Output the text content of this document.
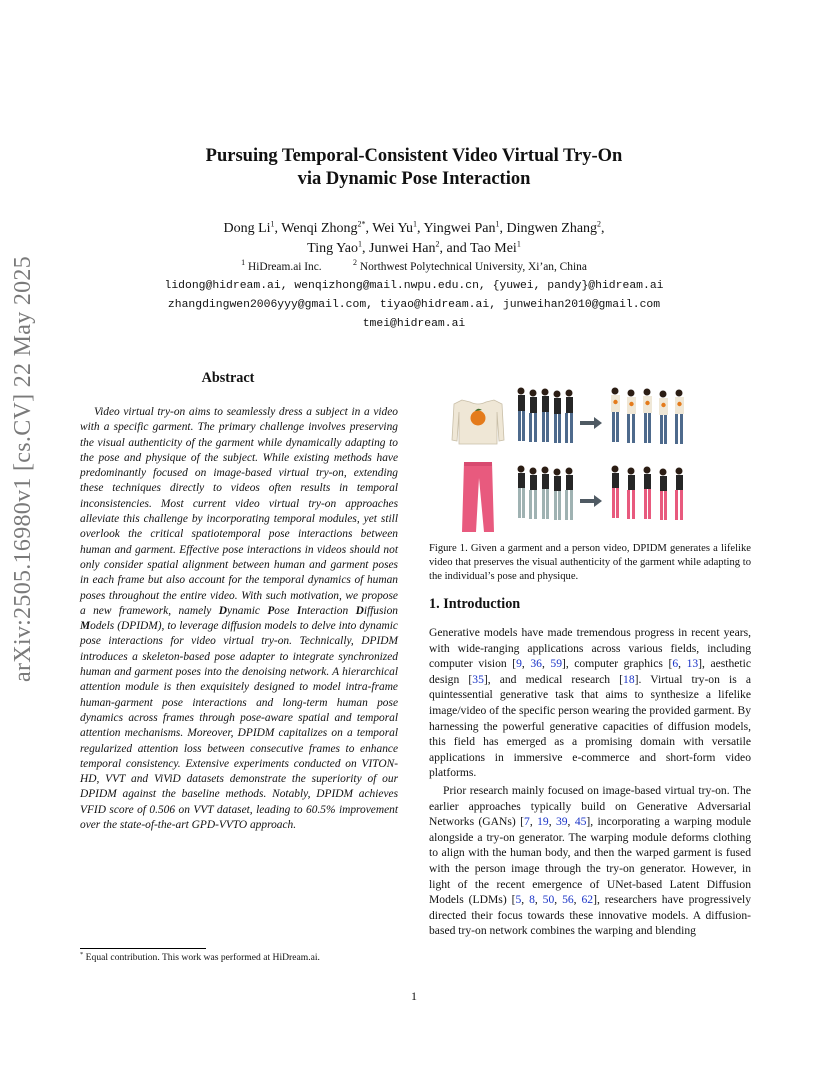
arXiv:2505.16980v1 [cs.CV] 22 May 2025
Pursuing Temporal-Consistent Video Virtual Try-On
via Dynamic Pose Interaction
Dong Li$^1$, Wenqi Zhong$^{2*}$, Wei Yu$^1$, Yingwei Pan$^1$, Dingwen Zhang$^2$,
Ting Yao$^1$, Junwei Han$^2$, and Tao Mei$^1$
$^1$ HiDream.ai Inc.	$^2$ Northwest Polytechnical University, Xi’an, China
lidong@hidream.ai, wenqizhong@mail.nwpu.edu.cn, {yuwei, pandy}@hidream.ai
zhangdingwen2006yyy@gmail.com, tiyao@hidream.ai, junweihan2010@gmail.com
tmei@hidream.ai
Abstract

Video virtual try-on aims to seamlessly dress a subject in a video with a specific garment. The primary challenge involves preserving the visual authenticity of the garment while dynamically adapting to the pose and physique of the subject. While existing methods have predominantly focused on image-based virtual try-on, extending these techniques directly to videos often results in temporal inconsistencies. Most current video virtual try-on approaches alleviate this challenge by incorporating temporal modules, yet still overlook the critical spatiotemporal pose interactions between human and garment. Effective pose interactions in videos should not only consider spatial alignment between human and garment poses in each frame but also account for the temporal dynamics of human poses throughout the entire video. With such motivation, we propose a new framework, namely Dynamic Pose Interaction Diffusion Models (DPIDM), to leverage diffusion models to delve into dynamic pose interactions for video virtual try-on. Technically, DPIDM introduces a skeleton-based pose adapter to integrate synchronized human and garment poses into the denoising network. A hierarchical attention module is then exquisitely designed to model intra-frame human-garment pose interactions and long-term human pose dynamics across frames through pose-aware spatial and temporal attention mechanisms. Moreover, DPIDM capitalizes on a temporal regularized attention loss between consecutive frames to enhance temporal consistency. Extensive experiments conducted on VITON-HD, VVT and ViViD datasets demonstrate the superiority of our DPIDM against the baseline methods. Notably, DPIDM achieves VFID score of 0.506 on VVT dataset, leading to 60.5% improvement over the state-of-the-art GPD-VVTO approach.

* Equal contribution. This work was performed at HiDream.ai.
Figure 1. Given a garment and a person video, DPIDM generates a lifelike video that preserves the visual authenticity of the garment while adapting to the individual’s pose and physique.
1. Introduction

Generative models have made tremendous progress in recent years, with wide-ranging applications across various fields, including computer vision [9, 36, 59], computer graphics [6, 13], aesthetic design [35], and medical research [18]. Virtual try-on is a quintessential generative task that aims to synthesize a lifelike image/video of the specific person wearing the provided garment. By harnessing the powerful generative capacities of diffusion models, this field has emerged as a promising domain with versatile applications in immersive e-commerce and short-form video platforms.

Prior research mainly focused on image-based virtual try-on. The earlier approaches typically build on Generative Adversarial Networks (GANs) [7, 19, 39, 45], incorporating a warping module alongside a try-on generator. The warping module deforms clothing to align with the human body, and then the warped garment is fused with the person image through the try-on generator. However, in light of the recent emergence of UNet-based Latent Diffusion Models (LDMs) [5, 8, 50, 56, 62], researchers have progressively directed their focus towards these innovative models. A diffusion-based try-on network combines the warping and blending

1
